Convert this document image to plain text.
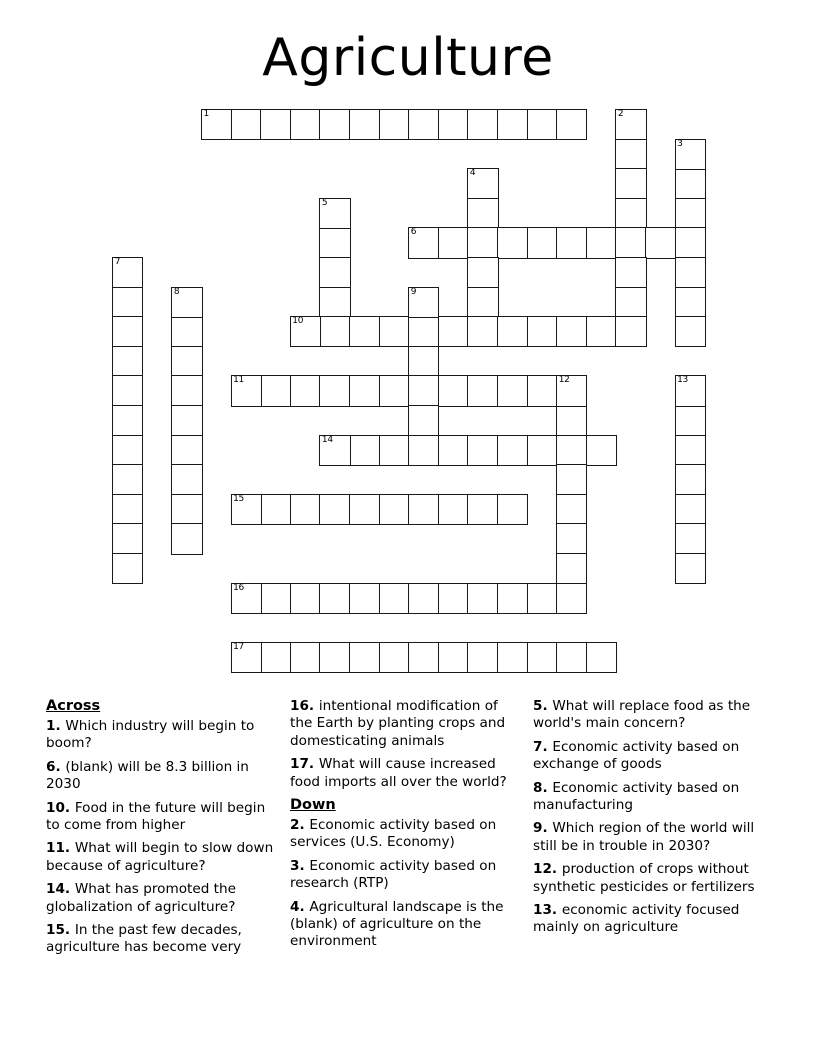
Agriculture
1	2
3
4
5
6
7
8	9
10
11	12	13
14
15
16
17
Across
1. Which industry will begin to boom?
6. (blank) will be 8.3 billion in 2030
10. Food in the future will begin to come from higher
11. What will begin to slow down because of agriculture?
14. What has promoted the globalization of agriculture?
15. In the past few decades, agriculture has become very
16. intentional modification of the Earth by planting crops and domesticating animals
17. What will cause increased food imports all over the world?
Down
2. Economic activity based on services (U.S. Economy)
3. Economic activity based on research (RTP)
4. Agricultural landscape is the (blank) of agriculture on the environment
5. What will replace food as the world's main concern?
7. Economic activity based on exchange of goods
8. Economic activity based on manufacturing
9. Which region of the world will still be in trouble in 2030?
12. production of crops without synthetic pesticides or fertilizers
13. economic activity focused mainly on agriculture
